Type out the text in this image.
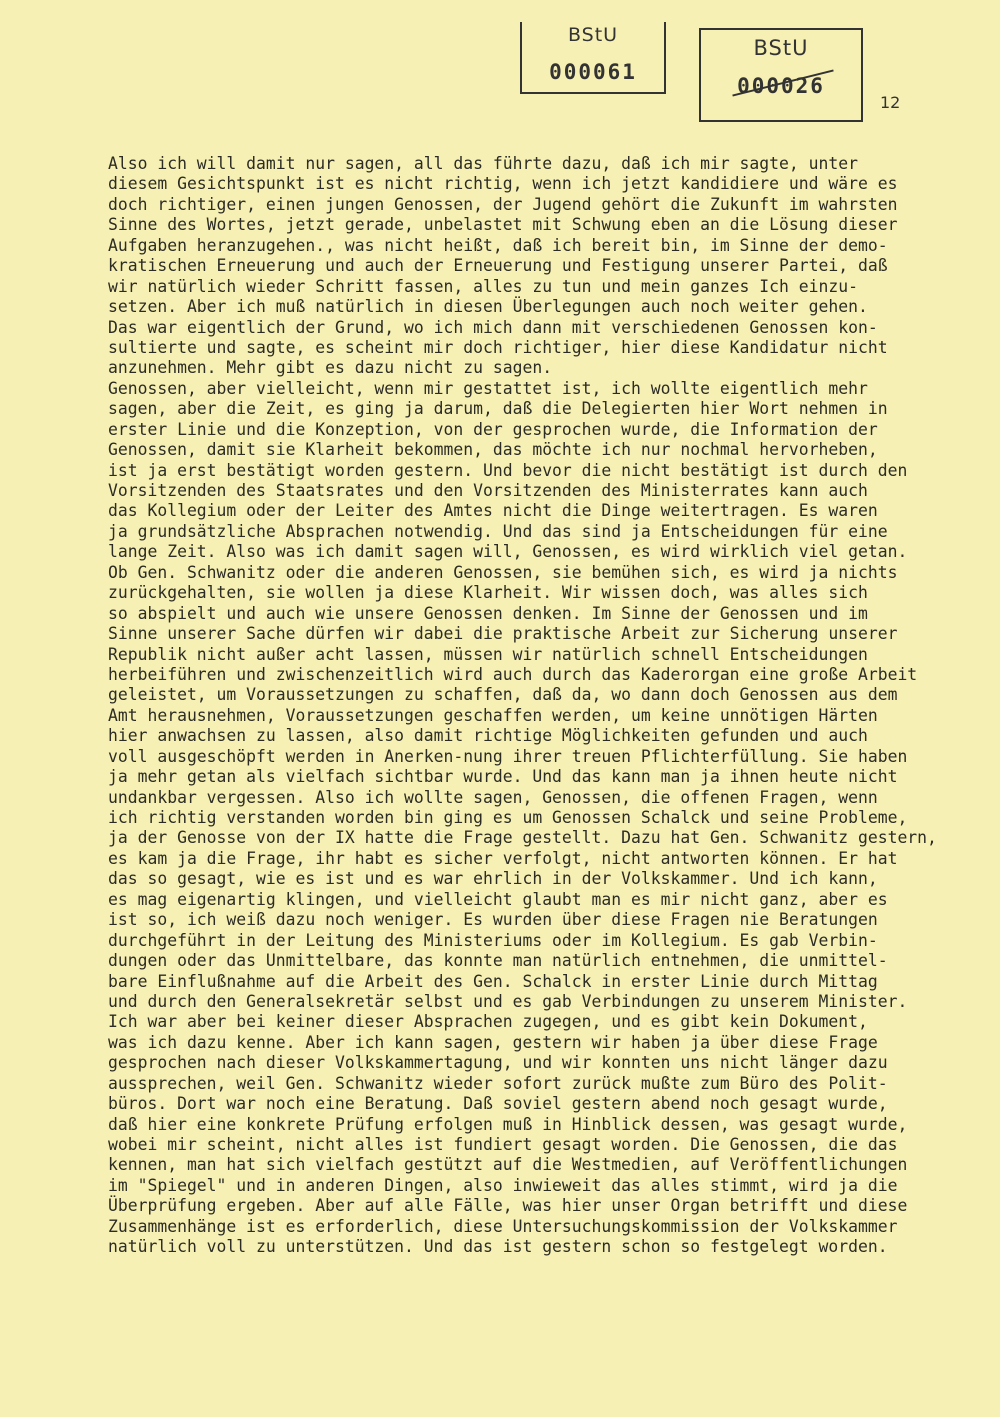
BStU
000061
BStU
000026
12
Also ich will damit nur sagen, all das führte dazu, daß ich mir sagte, unter
diesem Gesichtspunkt ist es nicht richtig, wenn ich jetzt kandidiere und wäre es
doch richtiger, einen jungen Genossen, der Jugend gehört die Zukunft im wahrsten
Sinne des Wortes, jetzt gerade, unbelastet mit Schwung eben an die Lösung dieser
Aufgaben heranzugehen., was nicht heißt, daß ich bereit bin, im Sinne der demo-
kratischen Erneuerung und auch der Erneuerung und Festigung unserer Partei, daß
wir natürlich wieder Schritt fassen, alles zu tun und mein ganzes Ich einzu-
setzen. Aber ich muß natürlich in diesen Überlegungen auch noch weiter gehen.
Das war eigentlich der Grund, wo ich mich dann mit verschiedenen Genossen kon-
sultierte und sagte, es scheint mir doch richtiger, hier diese Kandidatur nicht
anzunehmen. Mehr gibt es dazu nicht zu sagen.
Genossen, aber vielleicht, wenn mir gestattet ist, ich wollte eigentlich mehr
sagen, aber die Zeit, es ging ja darum, daß die Delegierten hier Wort nehmen in
erster Linie und die Konzeption, von der gesprochen wurde, die Information der
Genossen, damit sie Klarheit bekommen, das möchte ich nur nochmal hervorheben,
ist ja erst bestätigt worden gestern. Und bevor die nicht bestätigt ist durch den
Vorsitzenden des Staatsrates und den Vorsitzenden des Ministerrates kann auch
das Kollegium oder der Leiter des Amtes nicht die Dinge weitertragen. Es waren
ja grundsätzliche Absprachen notwendig. Und das sind ja Entscheidungen für eine
lange Zeit. Also was ich damit sagen will, Genossen, es wird wirklich viel getan.
Ob Gen. Schwanitz oder die anderen Genossen, sie bemühen sich, es wird ja nichts
zurückgehalten, sie wollen ja diese Klarheit. Wir wissen doch, was alles sich
so abspielt und auch wie unsere Genossen denken. Im Sinne der Genossen und im
Sinne unserer Sache dürfen wir dabei die praktische Arbeit zur Sicherung unserer
Republik nicht außer acht lassen, müssen wir natürlich schnell Entscheidungen
herbeiführen und zwischenzeitlich wird auch durch das Kaderorgan eine große Arbeit
geleistet, um Voraussetzungen zu schaffen, daß da, wo dann doch Genossen aus dem
Amt herausnehmen, Voraussetzungen geschaffen werden, um keine unnötigen Härten
hier anwachsen zu lassen, also damit richtige Möglichkeiten gefunden und auch
voll ausgeschöpft werden in Anerken-nung ihrer treuen Pflichterfüllung. Sie haben
ja mehr getan als vielfach sichtbar wurde. Und das kann man ja ihnen heute nicht
undankbar vergessen. Also ich wollte sagen, Genossen, die offenen Fragen, wenn
ich richtig verstanden worden bin ging es um Genossen Schalck und seine Probleme,
ja der Genosse von der IX hatte die Frage gestellt. Dazu hat Gen. Schwanitz gestern,
es kam ja die Frage, ihr habt es sicher verfolgt, nicht antworten können. Er hat
das so gesagt, wie es ist und es war ehrlich in der Volkskammer. Und ich kann,
es mag eigenartig klingen, und vielleicht glaubt man es mir nicht ganz, aber es
ist so, ich weiß dazu noch weniger. Es wurden über diese Fragen nie Beratungen
durchgeführt in der Leitung des Ministeriums oder im Kollegium. Es gab Verbin-
dungen oder das Unmittelbare, das konnte man natürlich entnehmen, die unmittel-
bare Einflußnahme auf die Arbeit des Gen. Schalck in erster Linie durch Mittag
und durch den Generalsekretär selbst und es gab Verbindungen zu unserem Minister.
Ich war aber bei keiner dieser Absprachen zugegen, und es gibt kein Dokument,
was ich dazu kenne. Aber ich kann sagen, gestern wir haben ja über diese Frage
gesprochen nach dieser Volkskammertagung, und wir konnten uns nicht länger dazu
aussprechen, weil Gen. Schwanitz wieder sofort zurück mußte zum Büro des Polit-
büros. Dort war noch eine Beratung. Daß soviel gestern abend noch gesagt wurde,
daß hier eine konkrete Prüfung erfolgen muß in Hinblick dessen, was gesagt wurde,
wobei mir scheint, nicht alles ist fundiert gesagt worden. Die Genossen, die das
kennen, man hat sich vielfach gestützt auf die Westmedien, auf Veröffentlichungen
im "Spiegel" und in anderen Dingen, also inwieweit das alles stimmt, wird ja die
Überprüfung ergeben. Aber auf alle Fälle, was hier unser Organ betrifft und diese
Zusammenhänge ist es erforderlich, diese Untersuchungskommission der Volkskammer
natürlich voll zu unterstützen. Und das ist gestern schon so festgelegt worden.
